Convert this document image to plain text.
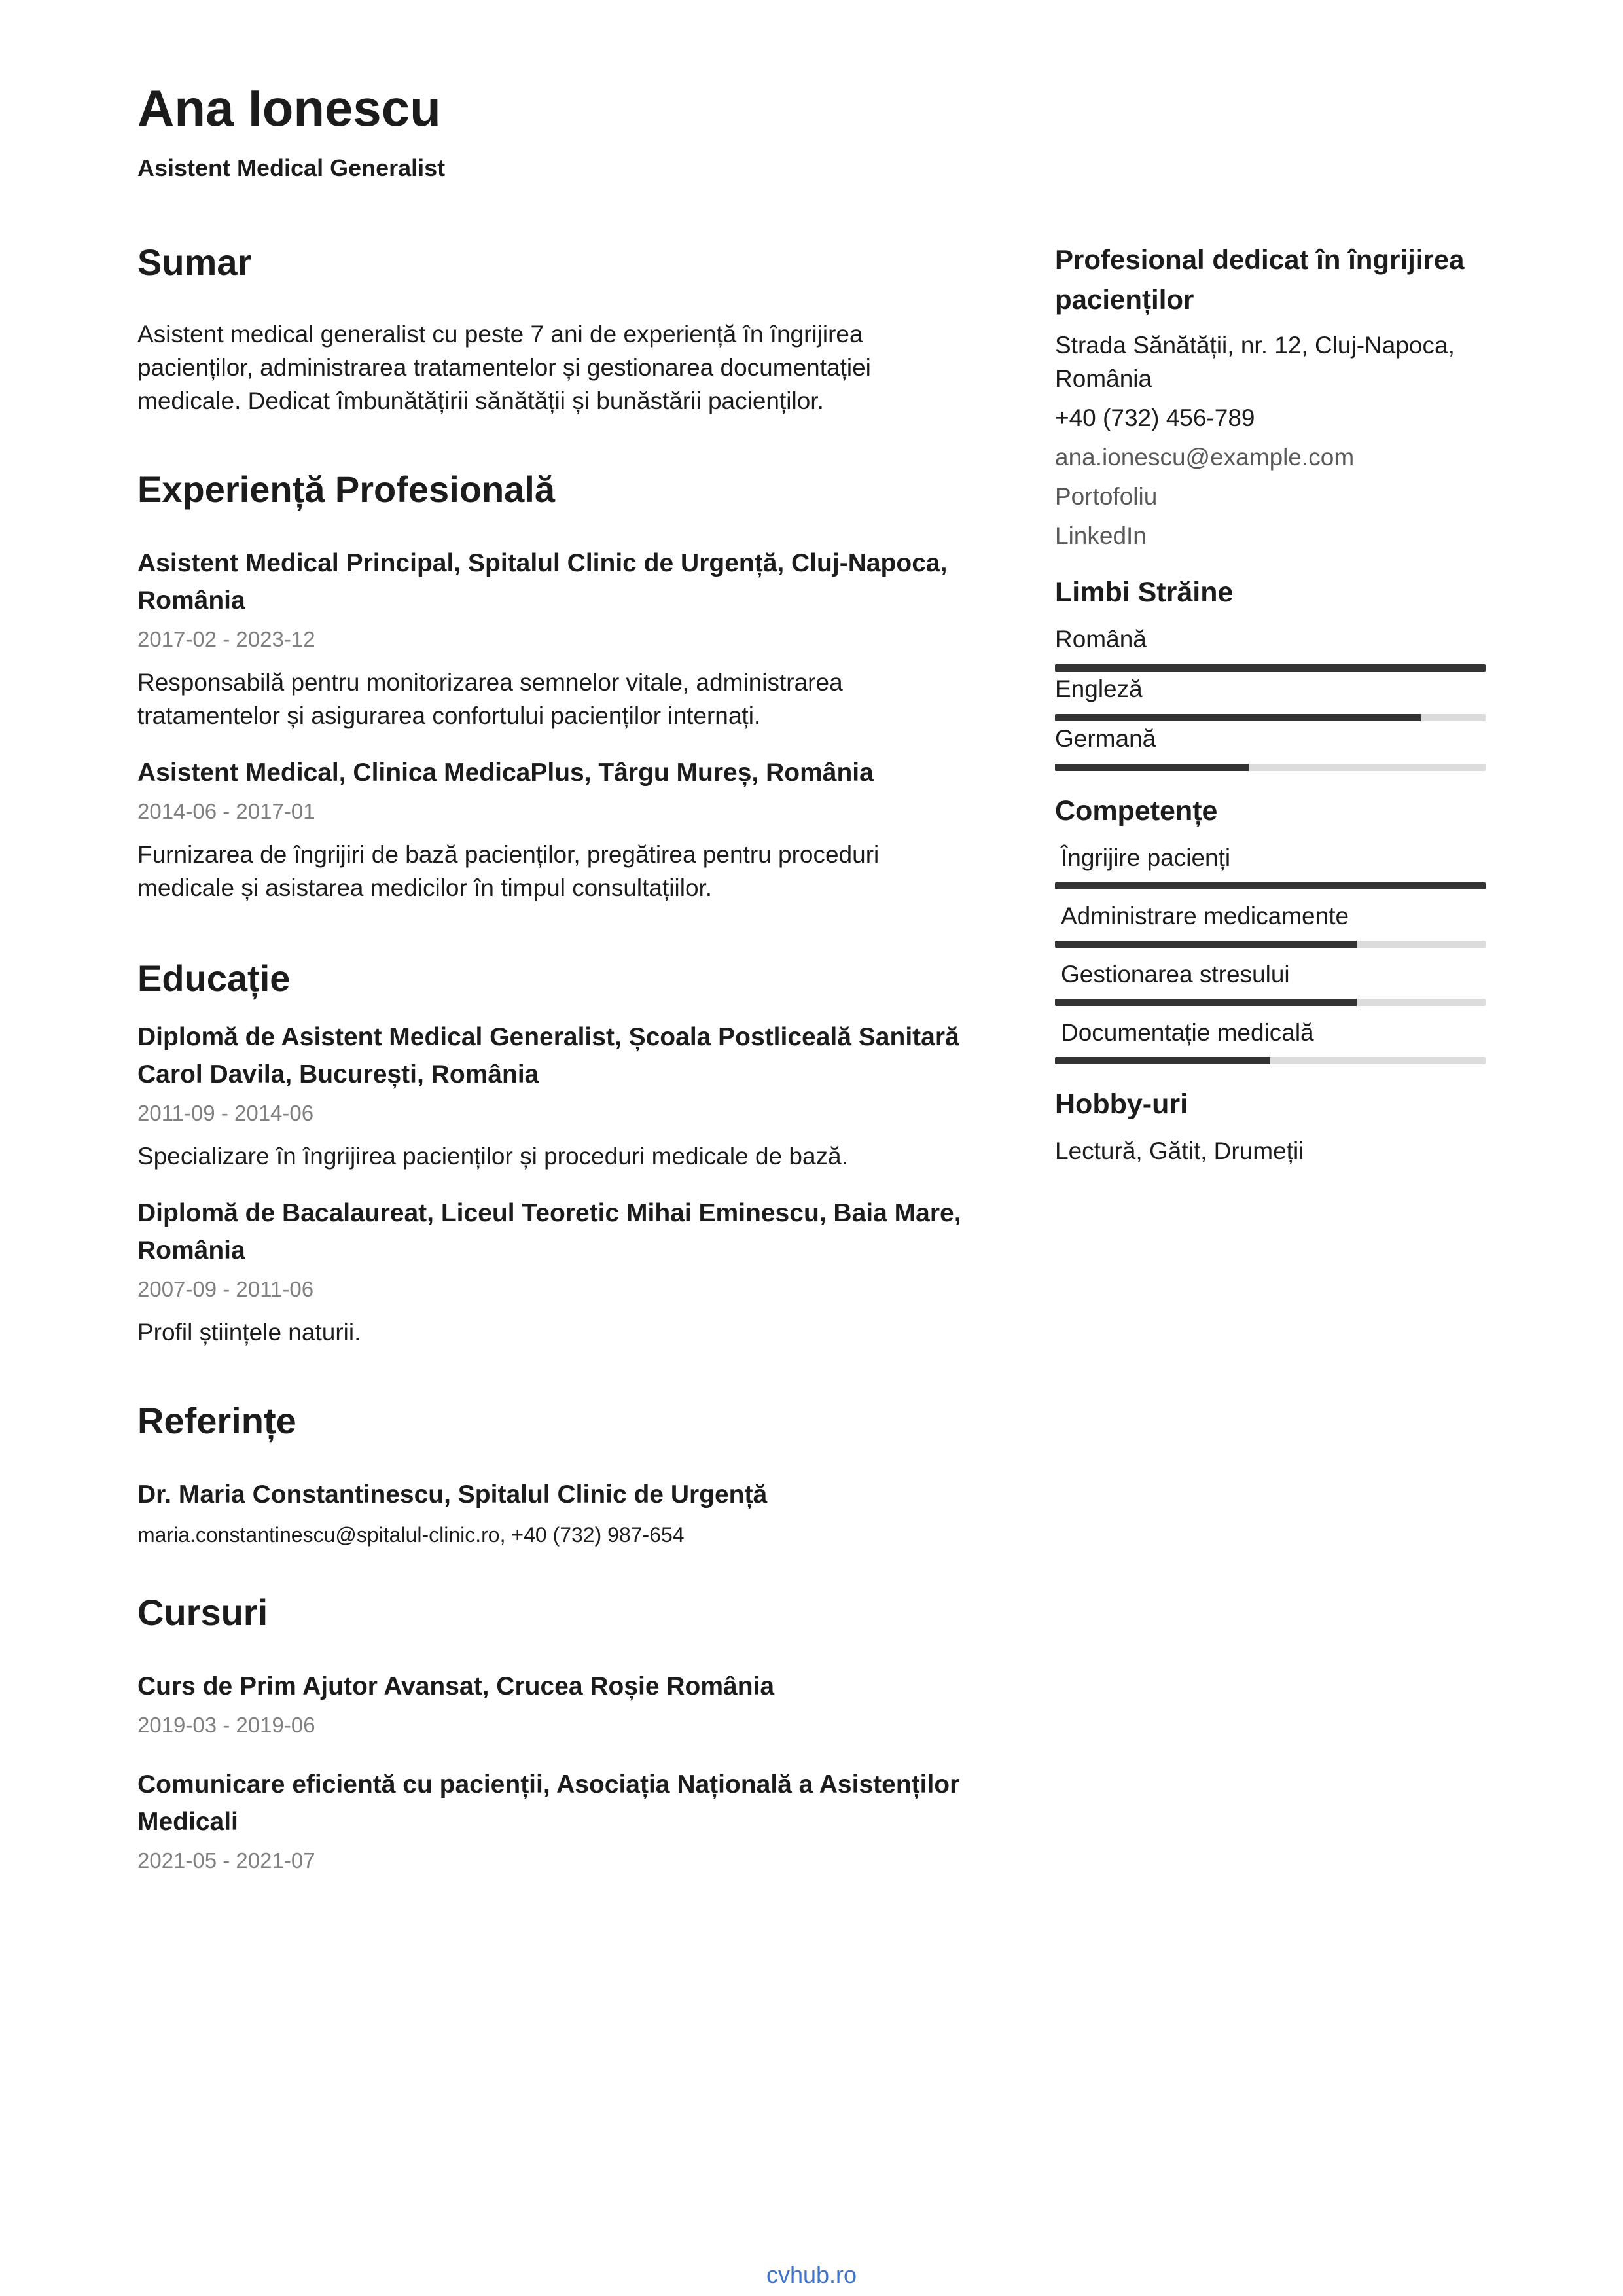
Ana Ionescu
Asistent Medical Generalist
Sumar
Asistent medical generalist cu peste 7 ani de experiență în îngrijirea pacienților, administrarea tratamentelor și gestionarea documentației medicale. Dedicat îmbunătățirii sănătății și bunăstării pacienților.
Experiență Profesională
Asistent Medical Principal, Spitalul Clinic de Urgență, Cluj-Napoca, România
2017-02 - 2023-12
Responsabilă pentru monitorizarea semnelor vitale, administrarea tratamentelor și asigurarea confortului pacienților internați.
Asistent Medical, Clinica MedicaPlus, Târgu Mureș, România
2014-06 - 2017-01
Furnizarea de îngrijiri de bază pacienților, pregătirea pentru proceduri medicale și asistarea medicilor în timpul consultațiilor.
Educație
Diplomă de Asistent Medical Generalist, Școala Postliceală Sanitară Carol Davila, București, România
2011-09 - 2014-06
Specializare în îngrijirea pacienților și proceduri medicale de bază.
Diplomă de Bacalaureat, Liceul Teoretic Mihai Eminescu, Baia Mare, România
2007-09 - 2011-06
Profil științele naturii.
Referințe
Dr. Maria Constantinescu, Spitalul Clinic de Urgență
maria.constantinescu@spitalul-clinic.ro, +40 (732) 987-654
Cursuri
Curs de Prim Ajutor Avansat, Crucea Roșie România
2019-03 - 2019-06
Comunicare eficientă cu pacienții, Asociația Națională a Asistenților Medicali
2021-05 - 2021-07
Profesional dedicat în îngrijirea pacienților
Strada Sănătății, nr. 12, Cluj-Napoca, România
+40 (732) 456-789
ana.ionescu@example.com
Portofoliu
LinkedIn
Limbi Străine
Română
Engleză
Germană
Competențe
Îngrijire pacienți
Administrare medicamente
Gestionarea stresului
Documentație medicală
Hobby-uri
Lectură, Gătit, Drumeții
cvhub.ro
